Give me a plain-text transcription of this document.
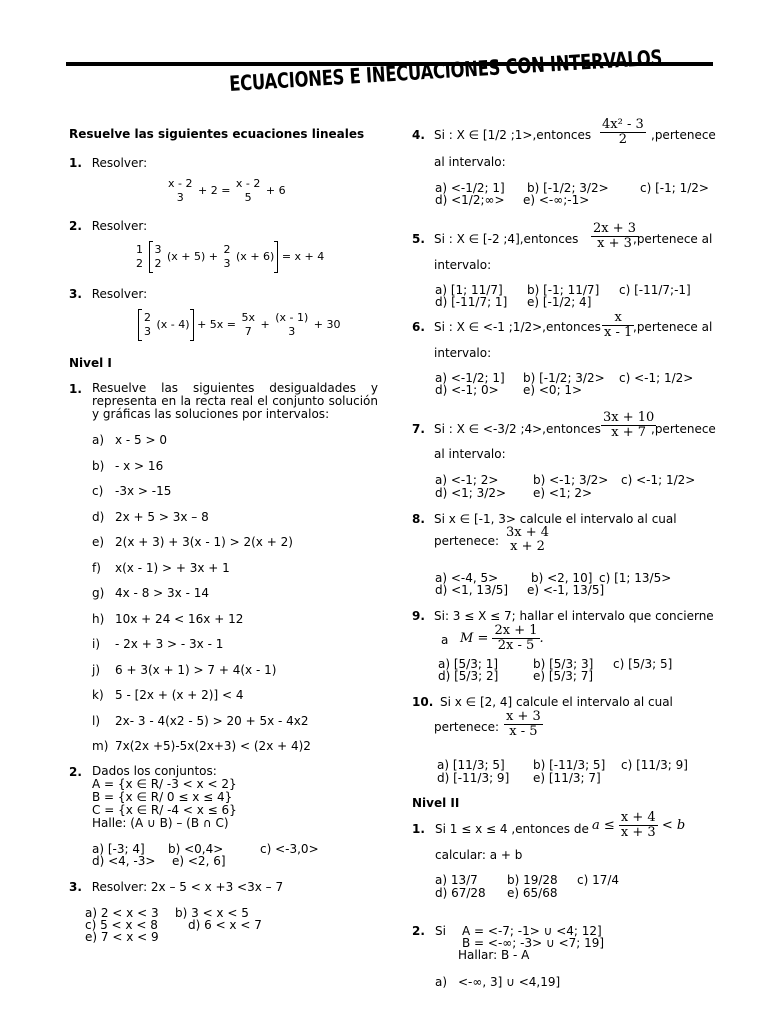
ECUACIONES E INECUACIONES CON INTERVALOS
Resuelve las siguientes ecuaciones lineales
1. Resolver:
x - 2
3
+ 2 =
x - 2
5
+ 6
2. Resolver:
1
2

3
2
(x + 5) +
2
3
(x + 6) = x + 4
3. Resolver:
2
3
(x - 4) + 5x =
5x
7
+
(x - 1)
3
+ 30
Nivel I
1. Resuelve las siguientes desigualdades y representa en la recta real el conjunto solución y gráficas las soluciones por intervalos:
a) x - 5 > 0
b) - x > 16
c) -3x > -15
d) 2x + 5 > 3x – 8
e) 2(x + 3) + 3(x - 1) > 2(x + 2)
f) x(x - 1) > + 3x + 1
g) 4x - 8 > 3x - 14
h) 10x + 24 < 16x + 12
i) - 2x + 3 > - 3x - 1
j) 6 + 3(x + 1) > 7 + 4(x - 1)
k) 5 - [2x + (x + 2)] < 4
l) 2x- 3 - 4(x2 - 5) > 20 + 5x - 4x2
m) 7x(2x +5)-5x(2x+3) < (2x + 4)2
2. Dados los conjuntos:
A = {x ∈ R/ -3 < x < 2}
B = {x ∈ R/ 0 ≤ x ≤ 4}
C = {x ∈ R/ -4 < x ≤ 6}
Halle: (A ∪ B) – (B ∩ C)
a) [-3; 4] b) <0,4>	c) <-3,0>
d) <4, -3> e) <2, 6]
3. Resolver: 2x – 5 < x +3 <3x – 7
a) 2 < x < 3 b) 3 < x < 5
c) 5 < x < 8	d) 6 < x < 7
e) 7 < x < 9
4. Si : X ∈ [1/2 ;1>,entonces $\frac{\text{4x² - 3}}{2}$ ,pertenece
al intervalo:
a) <-1/2; 1] b) [-1/2; 3/2>	c) [-1; 1/2>
d) <1/2;∞> e) <-∞;-1>
5. Si : X ∈ [-2 ;4],entonces $\frac{2x + 3}{x + 3}$
,pertenece al
intervalo:
a) [1; 11/7] b) [-1; 11/7] c) [-11/7;-1]
d) [-11/7; 1] e) [-1/2; 4]
6. Si : X ∈ <-1 ;1/2>,entonces $\frac{x}{x - 1}$
,pertenece al
intervalo:
a) <-1/2; 1] b) [-1/2; 3/2> c) <-1; 1/2>
d) <-1; 0> e) <0; 1>
7. Si : X ∈ <-3/2 ;4>,entonces $\frac{3x + 10}{x + 7}$
,pertenece
al intervalo:
a) <-1; 2>	b) <-1; 3/2> c) <-1; 1/2>
d) <1; 3/2> e) <1; 2>
8. Si x ∈ [-1, 3> calcule el intervalo al cual
pertenece:
3x + 4
x + 2
a) <-4, 5>	b) <2, 10] c) [1; 13/5>
d) <1, 13/5] e) <-1, 13/5]
9. Si: 3 ≤ X ≤ 7; hallar el intervalo que concierne
a $M = \frac{2x + 1}{2x - 5}$ .
a) [5/3; 1]	b) [5/3; 3] c) [5/3; 5]
d) [5/3; 2]	e) [5/3; 7]
10. Si x ∈ [2, 4] calcule el intervalo al cual
pertenece: $\frac{x + 3}{x - 5}$
a) [11/3; 5] b) [-11/3; 5] c) [11/3; 9]
d) [-11/3; 9] e) [11/3; 7]
Nivel II
1. Si 1 ≤ x ≤ 4 ,entonces de $a \le \frac{x + 4}{x + 3} < b$
calcular: a + b
a) 13/7 b) 19/28 c) 17/4
d) 67/28 e) 65/68
2. Si A = <-7; -1> ∪ <4; 12]
B = <-∞; -3> ∪ <7; 19]
Hallar: B - A
a) <-∞, 3] ∪ <4,19]
